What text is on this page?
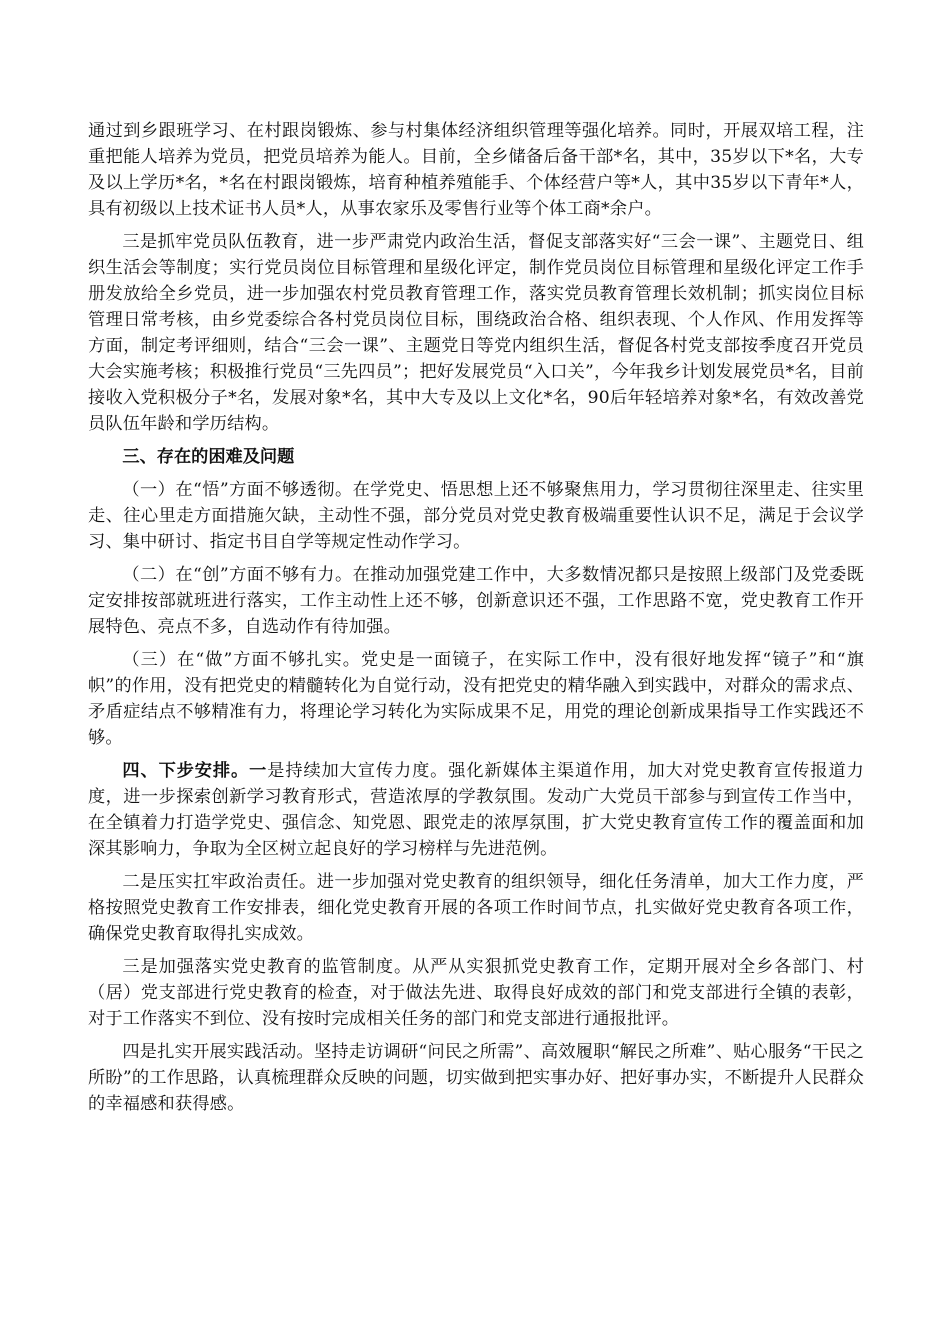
通过到乡跟班学习、在村跟岗锻炼、参与村集体经济组织管理等强化培养。同时，开展双培工程，注重把能人培养为党员，把党员培养为能人。目前，全乡储备后备干部*名，其中，35岁以下*名，大专及以上学历*名，*名在村跟岗锻炼，培育种植养殖能手、个体经营户等*人，其中35岁以下青年*人，具有初级以上技术证书人员*人，从事农家乐及零售行业等个体工商*余户。

三是抓牢党员队伍教育，进一步严肃党内政治生活，督促支部落实好“三会一课”、主题党日、组织生活会等制度；实行党员岗位目标管理和星级化评定，制作党员岗位目标管理和星级化评定工作手册发放给全乡党员，进一步加强农村党员教育管理工作，落实党员教育管理长效机制；抓实岗位目标管理日常考核，由乡党委综合各村党员岗位目标，围绕政治合格、组织表现、个人作风、作用发挥等方面，制定考评细则，结合“三会一课”、主题党日等党内组织生活，督促各村党支部按季度召开党员大会实施考核；积极推行党员“三先四员”；把好发展党员“入口关”，今年我乡计划发展党员*名，目前接收入党积极分子*名，发展对象*名，其中大专及以上文化*名，90后年轻培养对象*名，有效改善党员队伍年龄和学历结构。

三、存在的困难及问题

（一）在“悟”方面不够透彻。在学党史、悟思想上还不够聚焦用力，学习贯彻往深里走、往实里走、往心里走方面措施欠缺，主动性不强，部分党员对党史教育极端重要性认识不足，满足于会议学习、集中研讨、指定书目自学等规定性动作学习。

（二）在“创”方面不够有力。在推动加强党建工作中，大多数情况都只是按照上级部门及党委既定安排按部就班进行落实，工作主动性上还不够，创新意识还不强，工作思路不宽，党史教育工作开展特色、亮点不多，自选动作有待加强。

（三）在“做”方面不够扎实。党史是一面镜子，在实际工作中，没有很好地发挥“镜子”和“旗帜”的作用，没有把党史的精髓转化为自觉行动，没有把党史的精华融入到实践中，对群众的需求点、矛盾症结点不够精准有力，将理论学习转化为实际成果不足，用党的理论创新成果指导工作实践还不够。

四、下步安排。一是持续加大宣传力度。强化新媒体主渠道作用，加大对党史教育宣传报道力度，进一步探索创新学习教育形式，营造浓厚的学教氛围。发动广大党员干部参与到宣传工作当中，在全镇着力打造学党史、强信念、知党恩、跟党走的浓厚氛围，扩大党史教育宣传工作的覆盖面和加深其影响力，争取为全区树立起良好的学习榜样与先进范例。

二是压实扛牢政治责任。进一步加强对党史教育的组织领导，细化任务清单，加大工作力度，严格按照党史教育工作安排表，细化党史教育开展的各项工作时间节点，扎实做好党史教育各项工作，确保党史教育取得扎实成效。

三是加强落实党史教育的监管制度。从严从实狠抓党史教育工作，定期开展对全乡各部门、村（居）党支部进行党史教育的检查，对于做法先进、取得良好成效的部门和党支部进行全镇的表彰，对于工作落实不到位、没有按时完成相关任务的部门和党支部进行通报批评。

四是扎实开展实践活动。坚持走访调研“问民之所需”、高效履职“解民之所难”、贴心服务“干民之所盼”的工作思路，认真梳理群众反映的问题，切实做到把实事办好、把好事办实，不断提升人民群众的幸福感和获得感。
